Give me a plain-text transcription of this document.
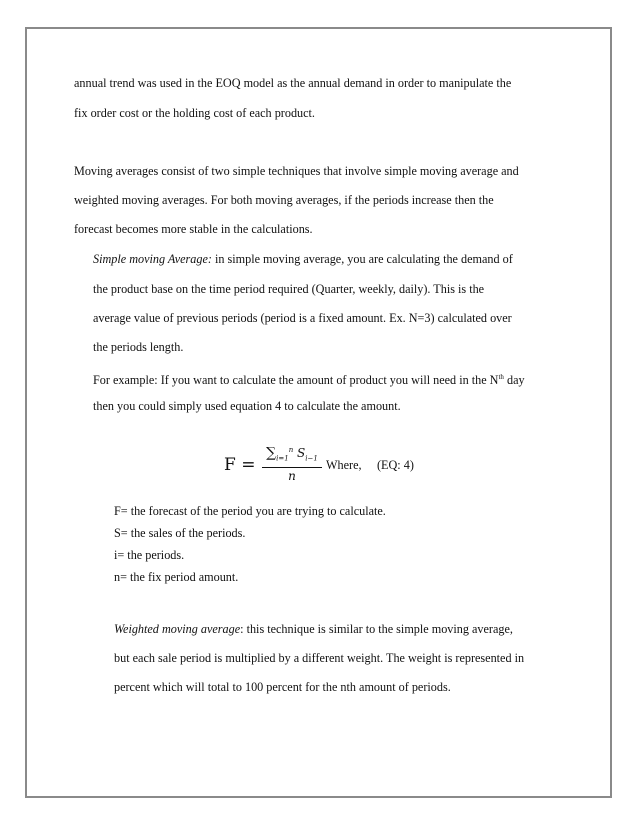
annual trend was used in the EOQ model as the annual demand in order to manipulate the
fix order cost or the holding cost of each product.
Moving averages consist of two simple techniques that involve simple moving average and
weighted moving averages. For both moving averages, if the periods increase then the
forecast becomes more stable in the calculations.
Simple moving Average: in simple moving average, you are calculating the demand of
the product base on the time period required (Quarter, weekly, daily). This is the
average value of previous periods (period is a fixed amount. Ex. N=3) calculated over
the periods length.
For example: If you want to calculate the amount of product you will need in the $N^{th}$ day
then you could simply used equation 4 to calculate the amount.
F =
$\sum_{i=1}^n$ $S_{i-1}$
n
Where, (EQ: 4)
F= the forecast of the period you are trying to calculate.
S= the sales of the periods.
i= the periods.
n= the fix period amount.
Weighted moving average: this technique is similar to the simple moving average,
but each sale period is multiplied by a different weight. The weight is represented in
percent which will total to 100 percent for the nth amount of periods.
